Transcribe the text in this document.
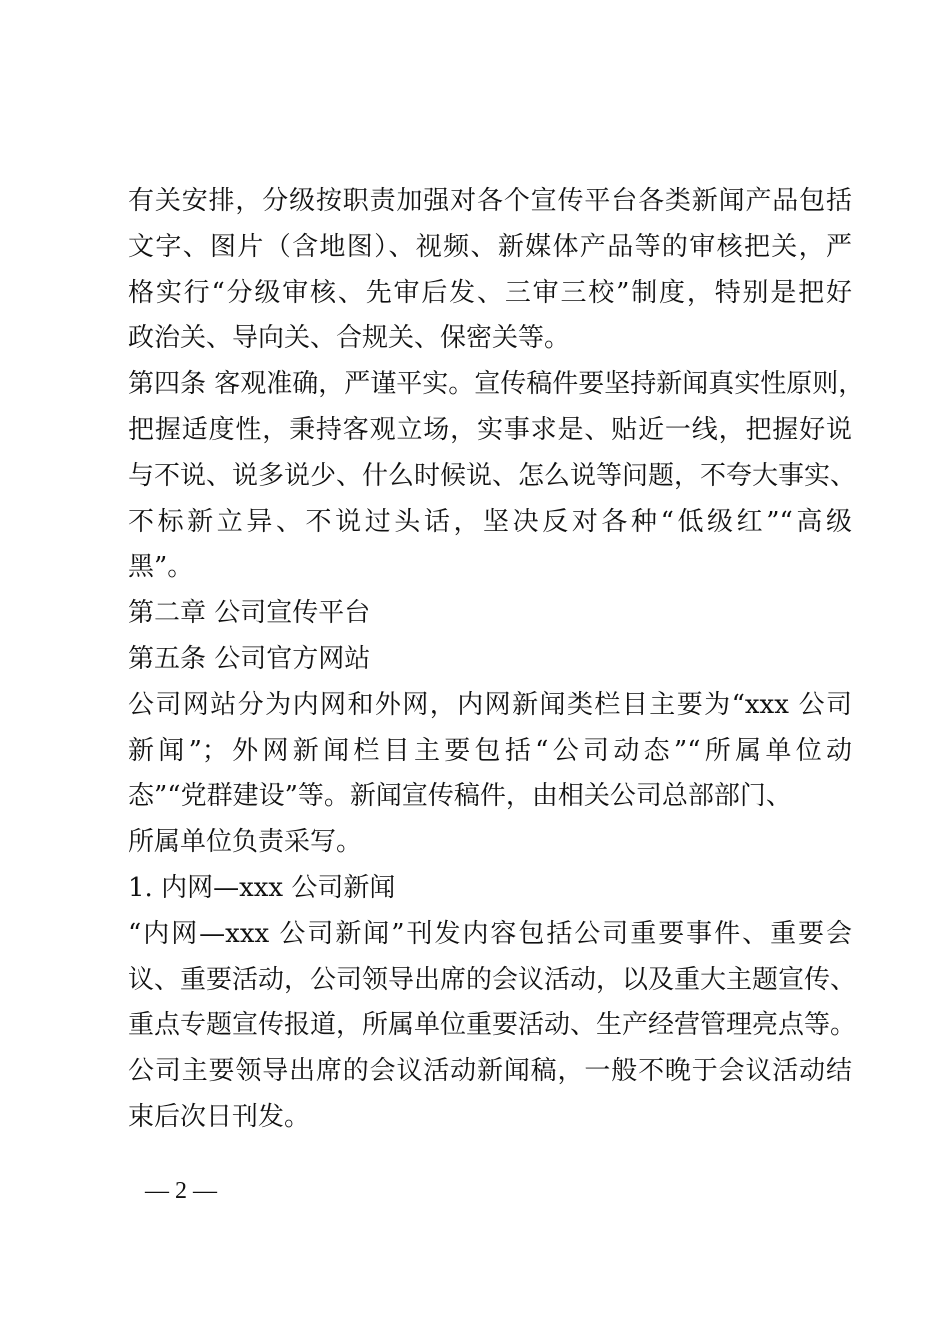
有关安排，分级按职责加强对各个宣传平台各类新闻产品包括
文字、图片（含地图）、视频、新媒体产品等的审核把关，严
格实行“分级审核、先审后发、三审三校”制度，特别是把好
政治关、导向关、合规关、保密关等。
第四条 客观准确，严谨平实。宣传稿件要坚持新闻真实性原则，
把握适度性，秉持客观立场，实事求是、贴近一线，把握好说
与不说、说多说少、什么时候说、怎么说等问题，不夸大事实、
不标新立异、不说过头话，坚决反对各种“低级红”“高级
黑”。
第二章 公司宣传平台
第五条 公司官方网站
公司网站分为内网和外网，内网新闻类栏目主要为“xxx 公司
新闻”；外网新闻栏目主要包括“公司动态”“所属单位动
态”“党群建设”等。新闻宣传稿件，由相关公司总部部门、
所属单位负责采写。
1. 内网—xxx 公司新闻
“内网—xxx 公司新闻”刊发内容包括公司重要事件、重要会
议、重要活动，公司领导出席的会议活动，以及重大主题宣传、
重点专题宣传报道，所属单位重要活动、生产经营管理亮点等。
公司主要领导出席的会议活动新闻稿，一般不晚于会议活动结
束后次日刊发。
— 2 —
